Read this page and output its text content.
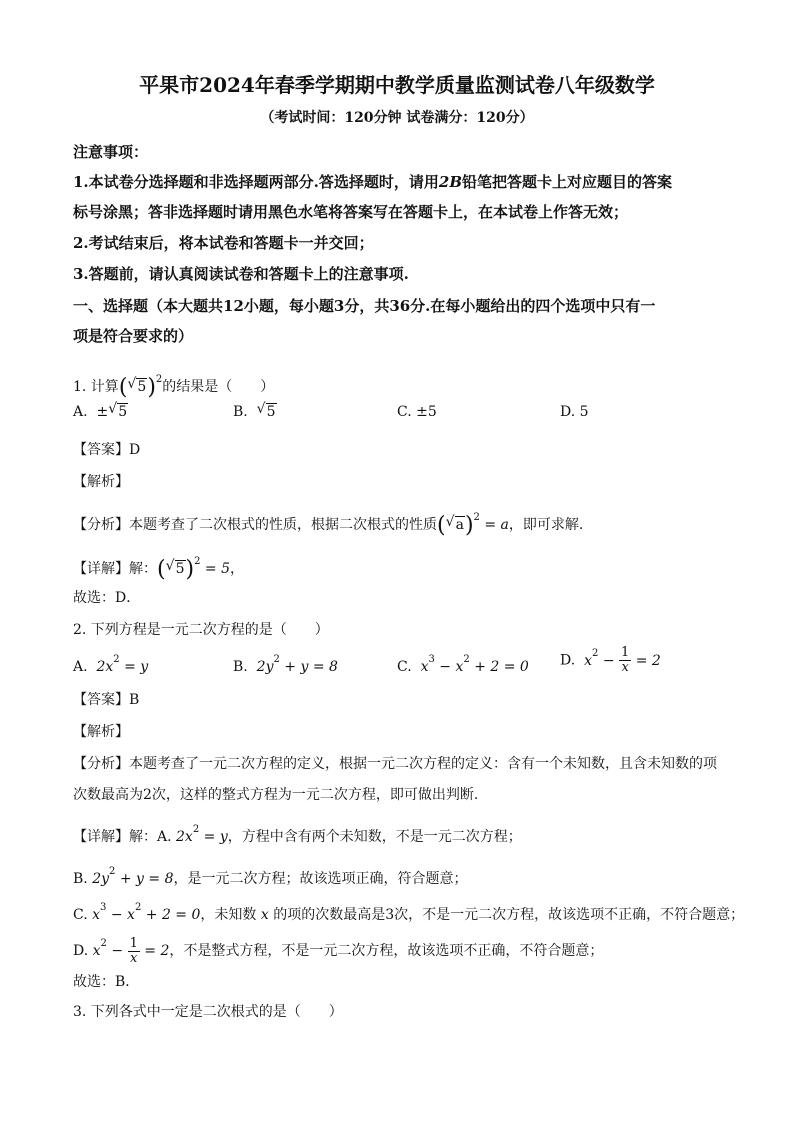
平果市2024年春季学期期中教学质量监测试卷八年级数学
（考试时间：120分钟 试卷满分：120分）
注意事项：
1.本试卷分选择题和非选择题两部分.答选择题时，请用2B铅笔把答题卡上对应题目的答案
标号涂黑；答非选择题时请用黑色水笔将答案写在答题卡上，在本试卷上作答无效；
2.考试结束后，将本试卷和答题卡一并交回；
3.答题前，请认真阅读试卷和答题卡上的注意事项.
一、选择题（本大题共12小题，每小题3分，共36分.在每小题给出的四个选项中只有一
项是符合要求的）
1. 计算( √ 5)$^2$的结果是（　　）
A. ± √ 5	B. √ 5	C. ±5	D. 5
【答案】D
【解析】
【分析】本题考查了二次根式的性质，根据二次根式的性质( √ a)$^2$ = a，即可求解.
【详解】解：( √ 5)$^2$ = 5，
故选：D．
2. 下列方程是一元二次方程的是（　　）
A. $2x^2 = y$	B. $2y^2 + y = 8$	C. $x^3 - x^2 + 2 = 0$ D. $x^2 - \frac{1}{x} = 2$
【答案】B
【解析】
【分析】本题考查了一元二次方程的定义，根据一元二次方程的定义：含有一个未知数，且含未知数的项
次数最高为2次，这样的整式方程为一元二次方程，即可做出判断.
【详解】解：A. $2x^2 = y$，方程中含有两个未知数，不是一元二次方程；
B. $2y^2 + y = 8$，是一元二次方程；故该选项正确，符合题意；
C. $x^3 - x^2 + 2 = 0$，未知数 x 的项的次数最高是3次，不是一元二次方程，故该选项不正确，不符合题意；
D. $x^2 - \frac{1}{x} = 2$，不是整式方程，不是一元二次方程，故该选项不正确，不符合题意；
故选：B．
3. 下列各式中一定是二次根式的是（　　）
